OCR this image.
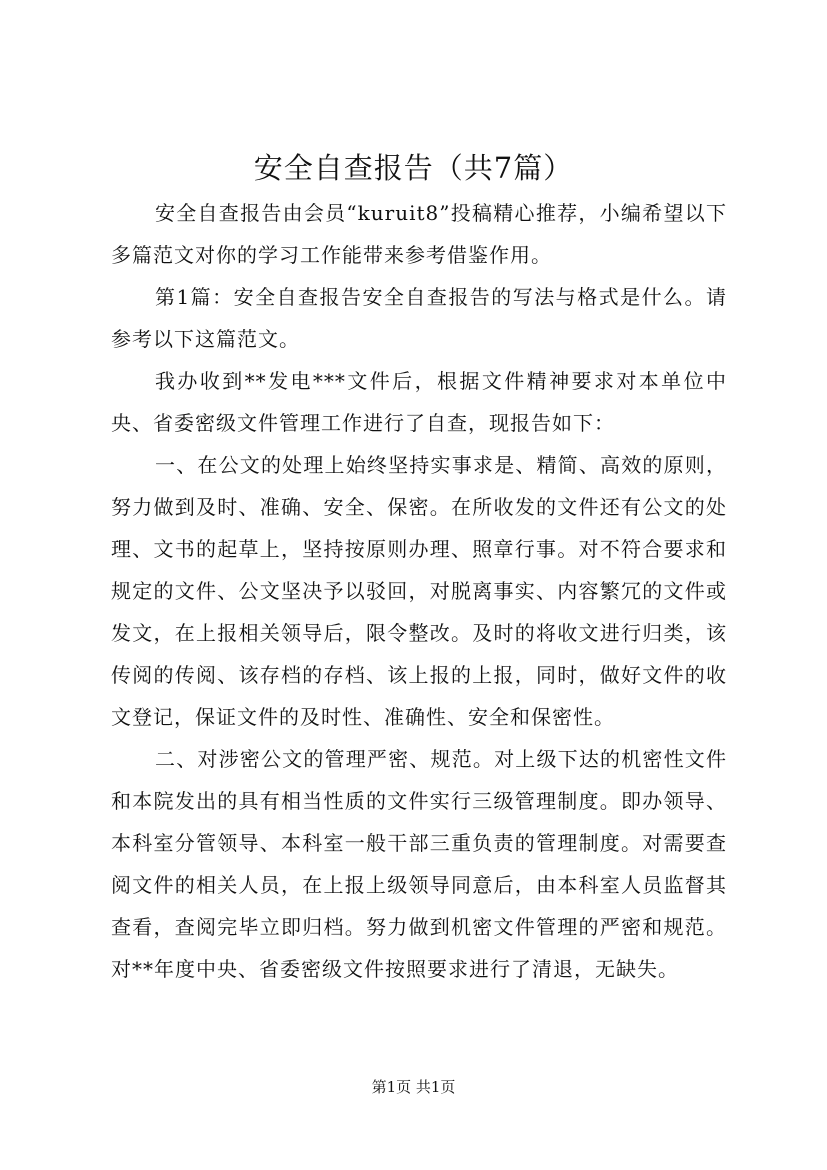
安全自查报告（共7篇）

安全自查报告由会员“kuruit8”投稿精心推荐，小编希望以下多篇范文对你的学习工作能带来参考借鉴作用。

第1篇：安全自查报告安全自查报告的写法与格式是什么。请参考以下这篇范文。

我办收到**发电***文件后，根据文件精神要求对本单位中央、省委密级文件管理工作进行了自查，现报告如下：

一、在公文的处理上始终坚持实事求是、精简、高效的原则，努力做到及时、准确、安全、保密。在所收发的文件还有公文的处理、文书的起草上，坚持按原则办理、照章行事。对不符合要求和规定的文件、公文坚决予以驳回，对脱离事实、内容繁冗的文件或发文，在上报相关领导后，限令整改。及时的将收文进行归类，该传阅的传阅、该存档的存档、该上报的上报，同时，做好文件的收文登记，保证文件的及时性、准确性、安全和保密性。

二、对涉密公文的管理严密、规范。对上级下达的机密性文件和本院发出的具有相当性质的文件实行三级管理制度。即办领导、本科室分管领导、本科室一般干部三重负责的管理制度。对需要查阅文件的相关人员，在上报上级领导同意后，由本科室人员监督其查看，查阅完毕立即归档。努力做到机密文件管理的严密和规范。对**年度中央、省委密级文件按照要求进行了清退，无缺失。

第1页 共1页
